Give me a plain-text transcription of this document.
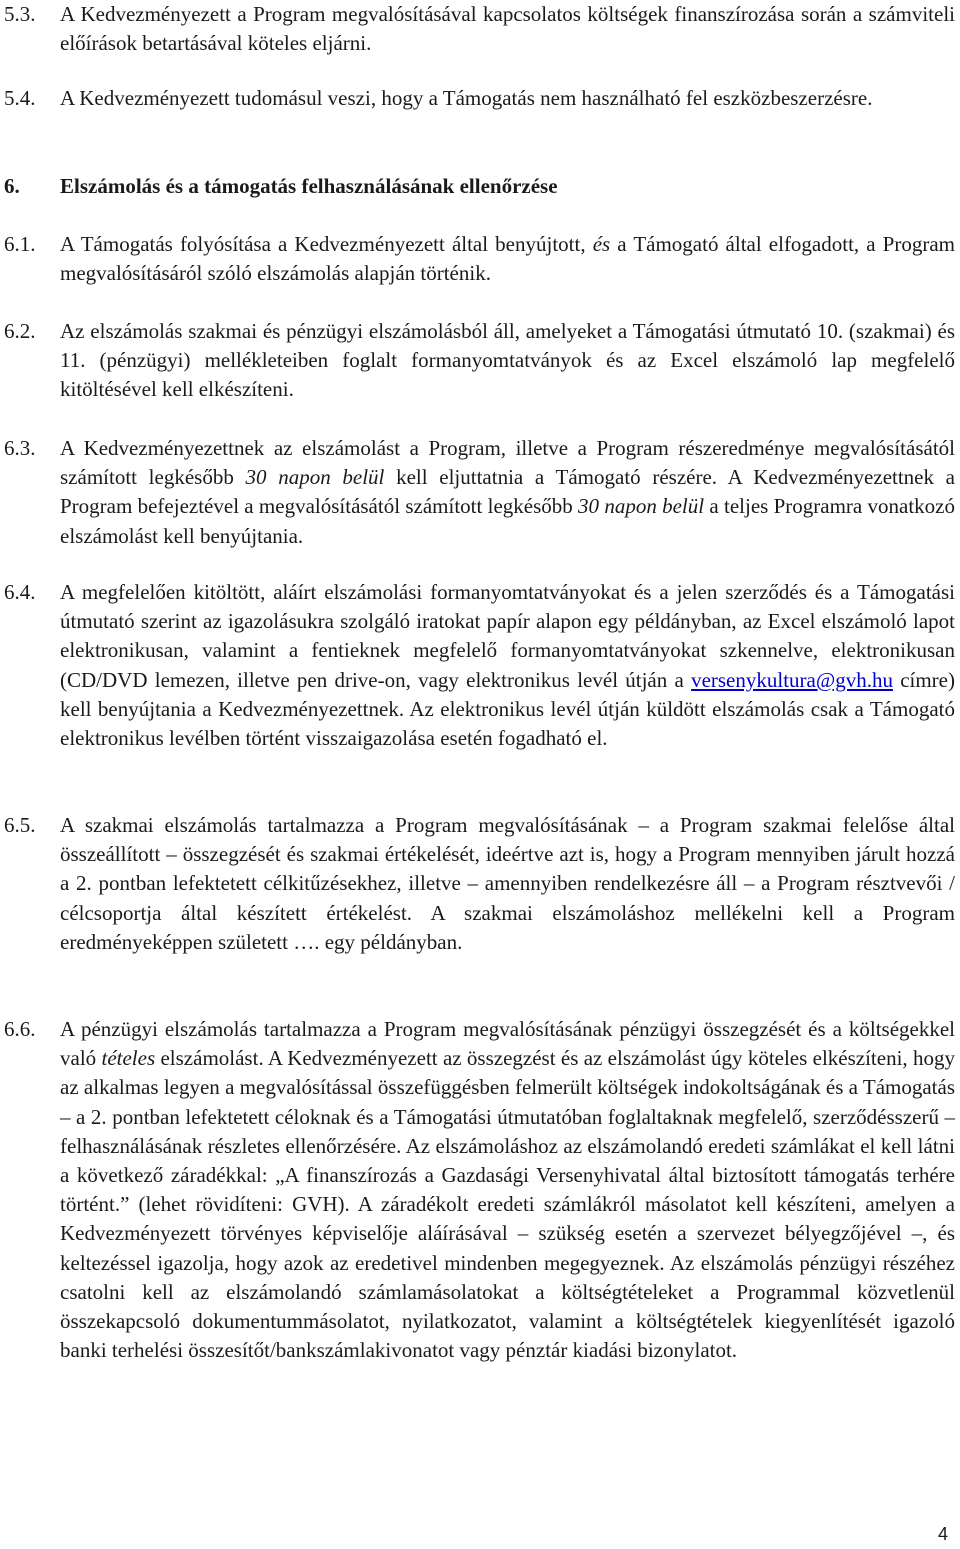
5.3. A Kedvezményezett a Program megvalósításával kapcsolatos költségek finanszírozása során a számviteli előírások betartásával köteles eljárni.
5.4. A Kedvezményezett tudomásul veszi, hogy a Támogatás nem használható fel eszközbeszerzésre.
6. Elszámolás és a támogatás felhasználásának ellenőrzése
6.1. A Támogatás folyósítása a Kedvezményezett által benyújtott, és a Támogató által elfogadott, a Program megvalósításáról szóló elszámolás alapján történik.
6.2. Az elszámolás szakmai és pénzügyi elszámolásból áll, amelyeket a Támogatási útmutató 10. (szakmai) és 11. (pénzügyi) mellékleteiben foglalt formanyomtatványok és az Excel elszámoló lap megfelelő kitöltésével kell elkészíteni.
6.3. A Kedvezményezettnek az elszámolást a Program, illetve a Program részeredménye megvalósításától számított legkésőbb 30 napon belül kell eljuttatnia a Támogató részére. A Kedvezményezettnek a Program befejeztével a megvalósításától számított legkésőbb 30 napon belül a teljes Programra vonatkozó elszámolást kell benyújtania.
6.4. A megfelelően kitöltött, aláírt elszámolási formanyomtatványokat és a jelen szerződés és a Támogatási útmutató szerint az igazolásukra szolgáló iratokat papír alapon egy példányban, az Excel elszámoló lapot elektronikusan, valamint a fentieknek megfelelő formanyomtatványokat szkennelve, elektronikusan (CD/DVD lemezen, illetve pen drive-on, vagy elektronikus levél útján a versenykultura@gvh.hu címre) kell benyújtania a Kedvezményezettnek. Az elektronikus levél útján küldött elszámolás csak a Támogató elektronikus levélben történt visszaigazolása esetén fogadható el.
6.5. A szakmai elszámolás tartalmazza a Program megvalósításának – a Program szakmai felelőse által összeállított – összegzését és szakmai értékelését, ideértve azt is, hogy a Program mennyiben járult hozzá a 2. pontban lefektetett célkitűzésekhez, illetve – amennyiben rendelkezésre áll – a Program résztvevői / célcsoportja által készített értékelést. A szakmai elszámoláshoz mellékelni kell a Program eredményeképpen született …. egy példányban.
6.6. A pénzügyi elszámolás tartalmazza a Program megvalósításának pénzügyi összegzését és a költségekkel való tételes elszámolást. A Kedvezményezett az összegzést és az elszámolást úgy köteles elkészíteni, hogy az alkalmas legyen a megvalósítással összefüggésben felmerült költségek indokoltságának és a Támogatás – a 2. pontban lefektetett céloknak és a Támogatási útmutatóban foglaltaknak megfelelő, szerződésszerű – felhasználásának részletes ellenőrzésére. Az elszámoláshoz az elszámolandó eredeti számlákat el kell látni a következő záradékkal: „A finanszírozás a Gazdasági Versenyhivatal által biztosított támogatás terhére történt.” (lehet rövidíteni: GVH). A záradékolt eredeti számlákról másolatot kell készíteni, amelyen a Kedvezményezett törvényes képviselője aláírásával – szükség esetén a szervezet bélyegzőjével –, és keltezéssel igazolja, hogy azok az eredetivel mindenben megegyeznek. Az elszámolás pénzügyi részéhez csatolni kell az elszámolandó számlamásolatokat a költségtételeket a Programmal közvetlenül összekapcsoló dokumentummásolatot, nyilatkozatot, valamint a költségtételek kiegyenlítését igazoló banki terhelési összesítőt/bankszámlakivonatot vagy pénztár kiadási bizonylatot.
4
